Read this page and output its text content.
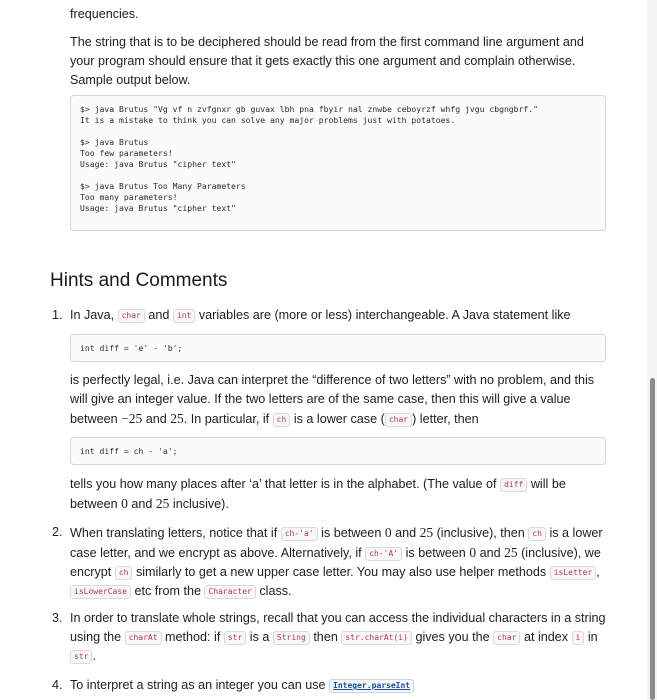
frequencies.

The string that is to be deciphered should be read from the first command line argument and your program should ensure that it gets exactly this one argument and complain otherwise. Sample output below.

$> java Brutus "Vg vf n zvfgnxr gb guvax lbh pna fbyir nal znwbe ceboyrzf whfg jvgu cbgngbrf."
It is a mistake to think you can solve any major problems just with potatoes.
$> java Brutus
Too few parameters!
Usage: java Brutus "cipher text"
$> java Brutus Too Many Parameters
Too many parameters!
Usage: java Brutus "cipher text"
Hints and Comments
1. In Java, char and int variables are (more or less) interchangeable. A Java statement like

int diff = 'e' - 'b';

is perfectly legal, i.e. Java can interpret the “difference of two letters” with no problem, and this will give an integer value. If the two letters are of the same case, then this will give a value between −25 and 25. In particular, if ch is a lower case ( char ) letter, then

int diff = ch - 'a';

tells you how many places after ‘a’ that letter is in the alphabet. (The value of diff will be between 0 and 25 inclusive).

2. When translating letters, notice that if ch-'a' is between 0 and 25 (inclusive), then ch is a lower case letter, and we encrypt as above. Alternatively, if ch-'A' is between 0 and 25 (inclusive), we encrypt ch similarly to get a new upper case letter. You may also use helper methods isLetter , isLowerCase etc from the Character class.

3. In order to translate whole strings, recall that you can access the individual characters in a string using the charAt method: if str is a String then str.charAt(i) gives you the char at index i in str .

4. To interpret a string as an integer you can use Integer.parseInt
